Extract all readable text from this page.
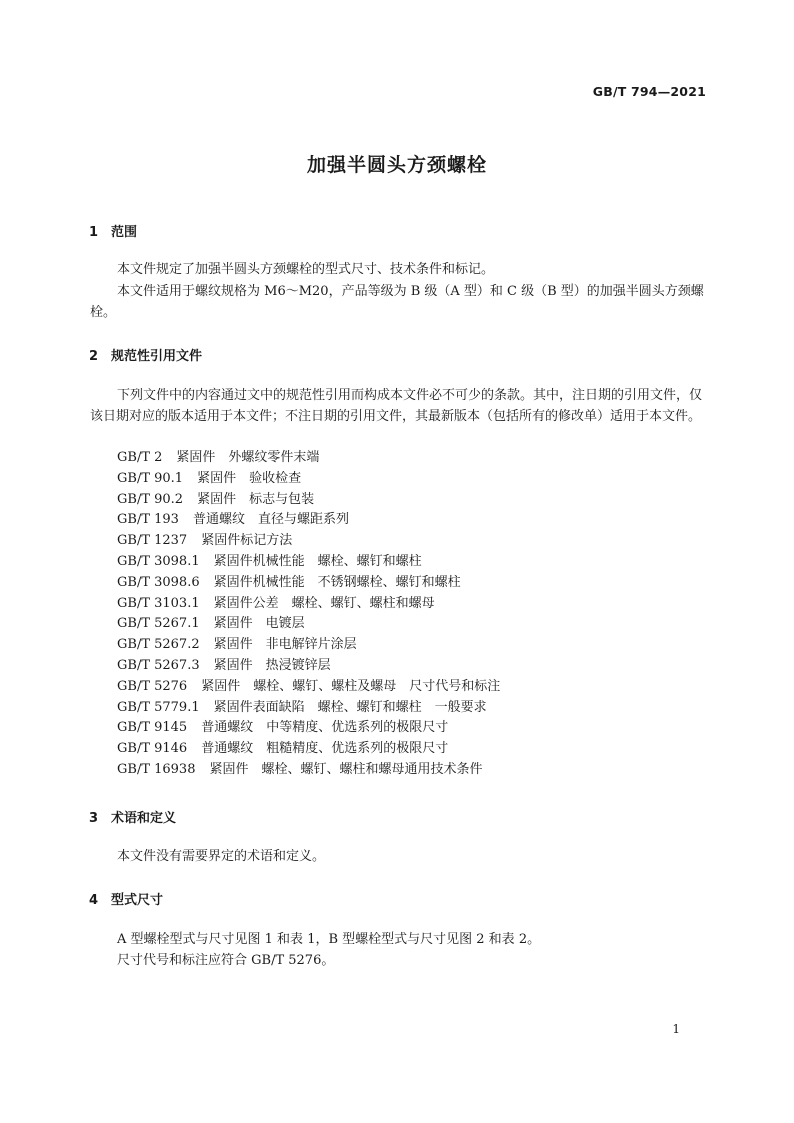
GB/T 794—2021
加强半圆头方颈螺栓
1 范围

本文件规定了加强半圆头方颈螺栓的型式尺寸、技术条件和标记。

本文件适用于螺纹规格为 M6～M20，产品等级为 B 级（A 型）和 C 级（B 型）的加强半圆头方颈螺栓。

2 规范性引用文件

下列文件中的内容通过文中的规范性引用而构成本文件必不可少的条款。其中，注日期的引用文件，仅该日期对应的版本适用于本文件；不注日期的引用文件，其最新版本（包括所有的修改单）适用于本文件。

GB/T 2 紧固件　外螺纹零件末端
GB/T 90.1 紧固件　验收检查
GB/T 90.2 紧固件　标志与包装
GB/T 193 普通螺纹　直径与螺距系列
GB/T 1237 紧固件标记方法
GB/T 3098.1 紧固件机械性能　螺栓、螺钉和螺柱
GB/T 3098.6 紧固件机械性能　不锈钢螺栓、螺钉和螺柱
GB/T 3103.1 紧固件公差　螺栓、螺钉、螺柱和螺母
GB/T 5267.1 紧固件　电镀层
GB/T 5267.2 紧固件　非电解锌片涂层
GB/T 5267.3 紧固件　热浸镀锌层
GB/T 5276 紧固件　螺栓、螺钉、螺柱及螺母　尺寸代号和标注
GB/T 5779.1 紧固件表面缺陷　螺栓、螺钉和螺柱　一般要求
GB/T 9145 普通螺纹　中等精度、优选系列的极限尺寸
GB/T 9146 普通螺纹　粗糙精度、优选系列的极限尺寸
GB/T 16938 紧固件　螺栓、螺钉、螺柱和螺母通用技术条件
3 术语和定义

本文件没有需要界定的术语和定义。

4 型式尺寸

A 型螺栓型式与尺寸见图 1 和表 1，B 型螺栓型式与尺寸见图 2 和表 2。

尺寸代号和标注应符合 GB/T 5276。

1
